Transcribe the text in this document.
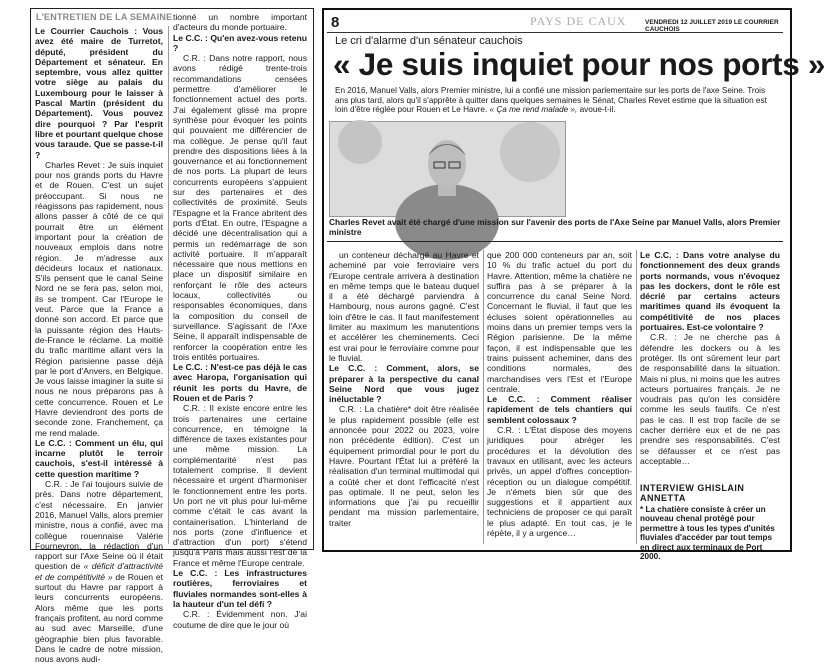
L'ENTRETIEN DE LA SEMAINE

Le Courrier Cauchois : Vous avez été maire de Turretot, député, président du Département et sénateur. En septembre, vous allez quitter votre siège au palais du Luxembourg pour le laisser à Pascal Martin (président du Département). Vous pouvez dire pourquoi ? Par l'esprit libre et pourtant quelque chose vous taraude. Que se passe-t-il ?

Charles Revet : Je suis inquiet pour nos grands ports du Havre et de Rouen. C'est un sujet préoccupant. Si nous ne réagissons pas rapidement, nous allons passer à côté de ce qui pourrait être un élément important pour la création de nouveaux emplois dans notre région. Je m'adresse aux décideurs locaux et nationaux. S'ils pensent que le canal Seine Nord ne se fera pas, selon moi, ils se trompent. Car l'Europe le veut. Parce que la France a donné son accord. Et parce que la puissante région des Hauts-de-France le réclame. La moitié du trafic maritime allant vers la Région parisienne passe déjà par le port d'Anvers, en Belgique. Je vous laisse imaginer la suite si nous ne nous préparons pas à cette concurrence. Rouen et Le Havre deviendront des ports de seconde zone. Franchement, ça me rend malade.

Le C.C. : Comment un élu, qui incarne plutôt le terroir cauchois, s'est-il intéressé à cette question maritime ?

C.R. : Je l'ai toujours suivie de près. Dans notre département, c'est nécessaire. En janvier 2016, Manuel Valls, alors premier ministre, nous a confié, avec ma collègue rouennaise Valérie Fourneyron, la rédaction d'un rapport sur l'Axe Seine où il était question de « déficit d'attractivité et de compétitivité » de Rouen et surtout du Havre par rapport à leurs concurrents européens. Alors même que les ports français profitent, au nord comme au sud avec Marseille, d'une géographie bien plus favorable. Dans le cadre de notre mission, nous avons audi-

tionné un nombre important d'acteurs du monde portuaire.

Le C.C. : Qu'en avez-vous retenu ?

C.R. : Dans notre rapport, nous avons rédigé trente-trois recommandations censées permettre d'améliorer le fonctionnement actuel des ports. J'ai également glissé ma propre synthèse pour évoquer les points qui pouvaient me différencier de ma collègue. Je pense qu'il faut prendre des dispositions liées à la gouvernance et au fonctionnement de nos ports. La plupart de leurs concurrents européens s'appuient sur des partenaires et des collectivités de proximité. Seuls l'Espagne et la France abritent des ports d'État. En outre, l'Espagne a décidé une décentralisation qui a permis un redémarrage de son activité portuaire. Il m'apparaît nécessaire que nous mettions en place un dispositif similaire en renforçant le rôle des acteurs locaux, collectivités ou responsables économiques, dans la composition du conseil de surveillance. S'agissant de l'Axe Seine, il apparaît indispensable de renforcer la coopération entre les trois entités portuaires.

Le C.C. : N'est-ce pas déjà le cas avec Haropa, l'organisation qui réunit les ports du Havre, de Rouen et de Paris ?

C.R. : Il existe encore entre les trois partenaires une certaine concurrence, en témoigne la différence de taxes existantes pour une même mission. La complémentarité n'est pas totalement comprise. Il devient nécessaire et urgent d'harmoniser le fonctionnement entre les ports. Un port ne vit plus pour lui-même comme c'était le cas avant la containerisation. L'hinterland de nos ports (zone d'influence et d'attraction d'un port) s'étend jusqu'à Paris mais aussi l'est de la France et même l'Europe centrale.

Le C.C. : Les infrastructures routières, ferroviaires et fluviales normandes sont-elles à la hauteur d'un tel défi ?

C.R. : Évidemment non. J'ai coutume de dire que le jour où

8	PAYS DE CAUX	VENDREDI 12 JUILLET 2019 LE COURRIER CAUCHOIS
Le cri d'alarme d'un sénateur cauchois
« Je suis inquiet pour nos ports »
En 2016, Manuel Valls, alors Premier ministre, lui a confié une mission parlementaire sur les ports de l'axe Seine. Trois ans plus tard, alors qu'il s'apprête à quitter dans quelques semaines le Sénat, Charles Revet estime que la situation est loin d'être réglée pour Rouen et Le Havre. « Ça me rend malade », avoue-t-il.
Charles Revet avait été chargé d'une mission sur l'avenir des ports de l'Axe Seine par Manuel Valls, alors Premier ministre

un conteneur déchargé au Havre et acheminé par voie ferroviaire vers l'Europe centrale arrivera à destination en même temps que le bateau duquel il a été déchargé parviendra à Hambourg, nous aurons gagné. C'est loin d'être le cas. Il faut manifestement limiter au maximum les manutentions et accélérer les cheminements. Ceci est vrai pour le ferroviaire comme pour le fluvial.

Le C.C. : Comment, alors, se préparer à la perspective du canal Seine Nord que vous jugez inéluctable ?

C.R. : La chatière* doit être réalisée le plus rapidement possible (elle est annoncée pour 2022 ou 2023, voire non précédente édition). C'est un équipement primordial pour le port du Havre. Pourtant l'État lui a préféré la réalisation d'un terminal multimodal qui a coûté cher et dont l'efficacité n'est pas optimale. Il ne peut, selon les informations que j'ai pu recueillir pendant ma mission parlementaire, traiter

que 200 000 conteneurs par an, soit 10 % du trafic actuel du port du Havre. Attention, même la chatière ne suffira pas à se préparer à la concurrence du canal Seine Nord. Concernant le fluvial, il faut que les écluses soient opérationnelles au moins dans un premier temps vers la Région parisienne. De la même façon, il est indispensable que les trains puissent acheminer, dans des conditions normales, des marchandises vers l'Est et l'Europe centrale.

Le C.C. : Comment réaliser rapidement de tels chantiers qui semblent colossaux ?

C.R. : L'État dispose des moyens juridiques pour abréger les procédures et la dévolution des travaux en utilisant, avec les acteurs privés, un appel d'offres conception-réception ou un dialogue compétitif. Je n'émets bien sûr que des suggestions et il appartient aux techniciens de proposer ce qui paraît le plus adapté. En tout cas, je le répète, il y a urgence…

Le C.C. : Dans votre analyse du fonctionnement des deux grands ports normands, vous n'évoquez pas les dockers, dont le rôle est décrié par certains acteurs maritimes quand ils évoquent la compétitivité de nos places portuaires. Est-ce volontaire ?

C.R. : Je ne cherche pas à défendre les dockers ou à les protéger. Ils ont sûrement leur part de responsabilité dans la situation. Mais ni plus, ni moins que les autres acteurs portuaires français. Je ne voudrais pas qu'on les considère comme les seuls fautifs. Ce n'est pas le cas. Il est trop facile de se cacher derrière eux et de ne pas prendre ses responsabilités. C'est se défausser et ce n'est pas acceptable…

INTERVIEW GHISLAIN ANNETTA
* La chatière consiste à créer un nouveau chenal protégé pour permettre à tous les types d'unités fluviales d'accéder par tout temps en direct aux terminaux de Port 2000.
